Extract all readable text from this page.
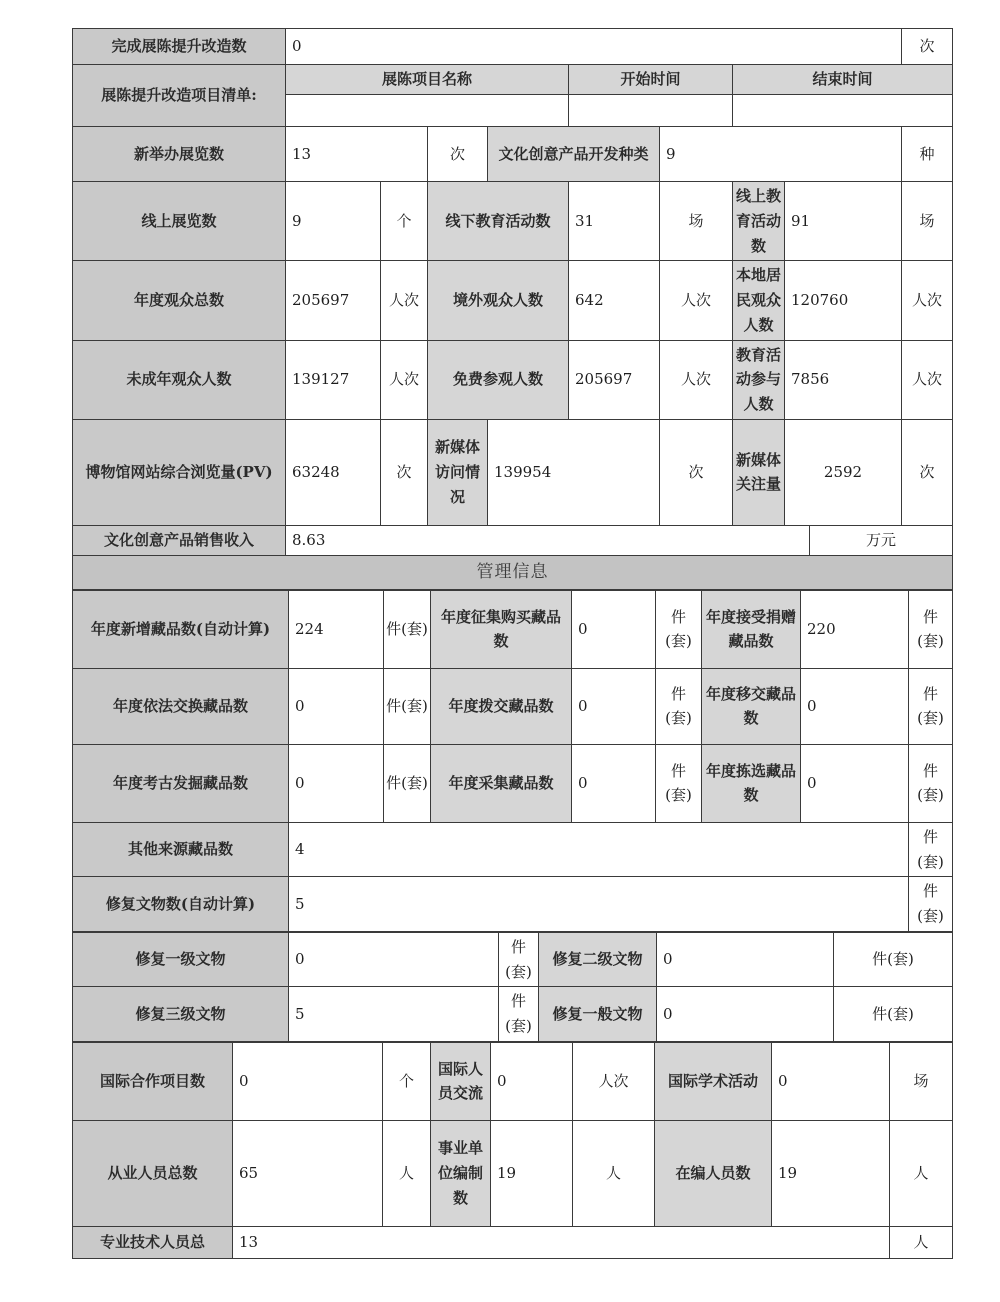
完成展陈提升改造数	0									次
展陈提升改造项目清单:	展陈项目名称				开始时间		结束时间			

新举办展览数	13		次	文化创意产品开发种类		9				种
线上展览数	9	个	线下教育活动数		31	场	线上教育活动数	91		场
年度观众总数	205697	人次	境外观众人数		642	人次	本地居民观众人数	120760		人次
未成年观众人数	139127	人次	免费参观人数		205697	人次	教育活动参与人数	7856		人次
博物馆网站综合浏览量(PV)	63248	次	新媒体访问情况	139954		次	新媒体关注量	2592		次
文化创意产品销售收入	8.63								万元	
管理信息										
年度新增藏品数(自动计算)	224	件(套)	年度征集购买藏品数	0	件(套)	年度接受捐赠藏品数	220	件(套)
年度依法交换藏品数	0	件(套)	年度拨交藏品数	0	件(套)	年度移交藏品数	0	件(套)
年度考古发掘藏品数	0	件(套)	年度采集藏品数	0	件(套)	年度拣选藏品数	0	件(套)
其他来源藏品数	4							件(套)
修复文物数(自动计算)	5							件(套)
修复一级文物	0	件(套)	修复二级文物	0	件(套)
修复三级文物	5	件(套)	修复一般文物	0	件(套)
国际合作项目数	0	个	国际人员交流	0	人次	国际学术活动	0	场
从业人员总数	65	人	事业单位编制数	19	人	在编人员数	19	人
专业技术人员总	13							人
